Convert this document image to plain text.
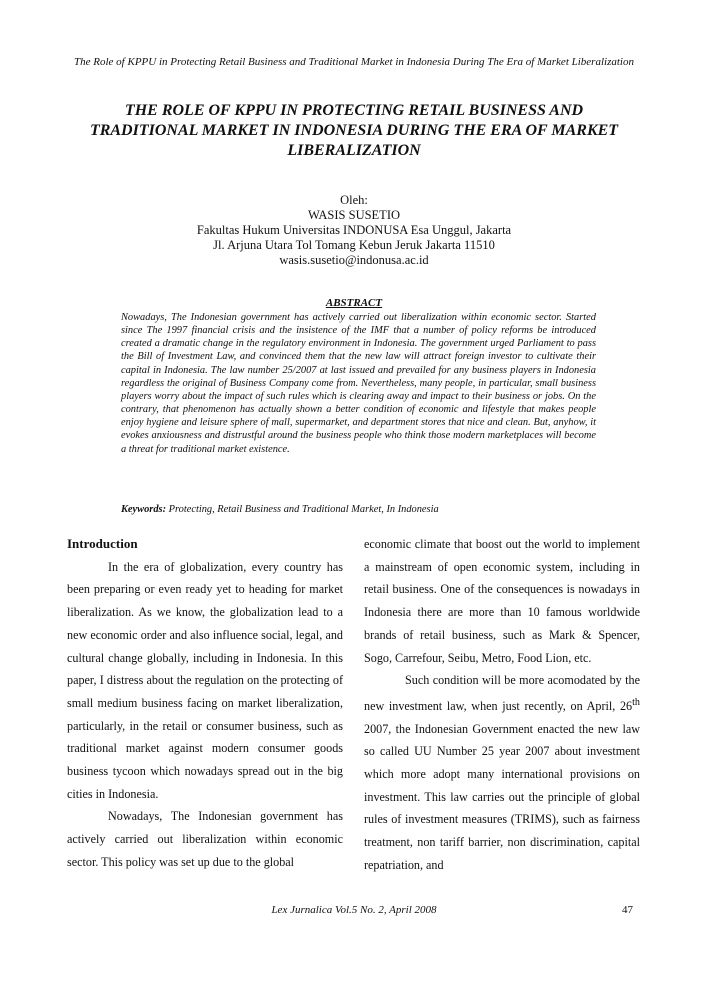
The Role of KPPU in Protecting Retail Business and Traditional Market in Indonesia During The Era of Market Liberalization
THE ROLE OF KPPU IN PROTECTING RETAIL BUSINESS AND TRADITIONAL MARKET IN INDONESIA DURING THE ERA OF MARKET LIBERALIZATION
Oleh:
WASIS SUSETIO
Fakultas Hukum Universitas INDONUSA Esa Unggul, Jakarta
Jl. Arjuna Utara Tol Tomang Kebun Jeruk Jakarta 11510
wasis.susetio@indonusa.ac.id
ABSTRACT
Nowadays, The Indonesian government has actively carried out liberalization within economic sector. Started since The 1997 financial crisis and the insistence of the IMF that a number of policy reforms be introduced created a dramatic change in the regulatory environment in Indonesia. The government urged Parliament to pass the Bill of Investment Law, and convinced them that the new law will attract foreign investor to cultivate their capital in Indonesia. The law number 25/2007 at last issued and prevailed for any business players in Indonesia regardless the original of Business Company come from. Nevertheless, many people, in particular, small business players worry about the impact of such rules which is clearing away and impact to their business or jobs. On the contrary, that phenomenon has actually shown a better condition of economic and lifestyle that makes people enjoy hygiene and leisure sphere of mall, supermarket, and department stores that nice and clean. But, anyhow, it evokes anxiousness and distrustful around the business people who think those modern marketplaces will become a threat for traditional market existence.
Keywords: Protecting, Retail Business and Traditional Market, In Indonesia
Introduction

In the era of globalization, every country has been preparing or even ready yet to heading for market liberalization. As we know, the globalization lead to a new economic order and also influence social, legal, and cultural change globally, including in Indonesia. In this paper, I distress about the regulation on the protecting of small medium business facing on market liberalization, particularly, in the retail or consumer business, such as traditional market against modern consumer goods business tycoon which nowadays spread out in the big cities in Indonesia.

Nowadays, The Indonesian government has actively carried out liberalization within economic sector. This policy was set up due to the global

economic climate that boost out the world to implement a mainstream of open economic system, including in retail business. One of the consequences is nowadays in Indonesia there are more than 10 famous worldwide brands of retail business, such as Mark & Spencer, Sogo, Carrefour, Seibu, Metro, Food Lion, etc.

Such condition will be more acomodated by the new investment law, when just recently, on April, 26th 2007, the Indonesian Government enacted the new law so called UU Number 25 year 2007 about investment which more adopt many international provisions on investment. This law carries out the principle of global rules of investment measures (TRIMS), such as fairness treatment, non tariff barrier, non discrimination, capital repatriation, and

Lex Jurnalica Vol.5 No. 2, April 2008	47
